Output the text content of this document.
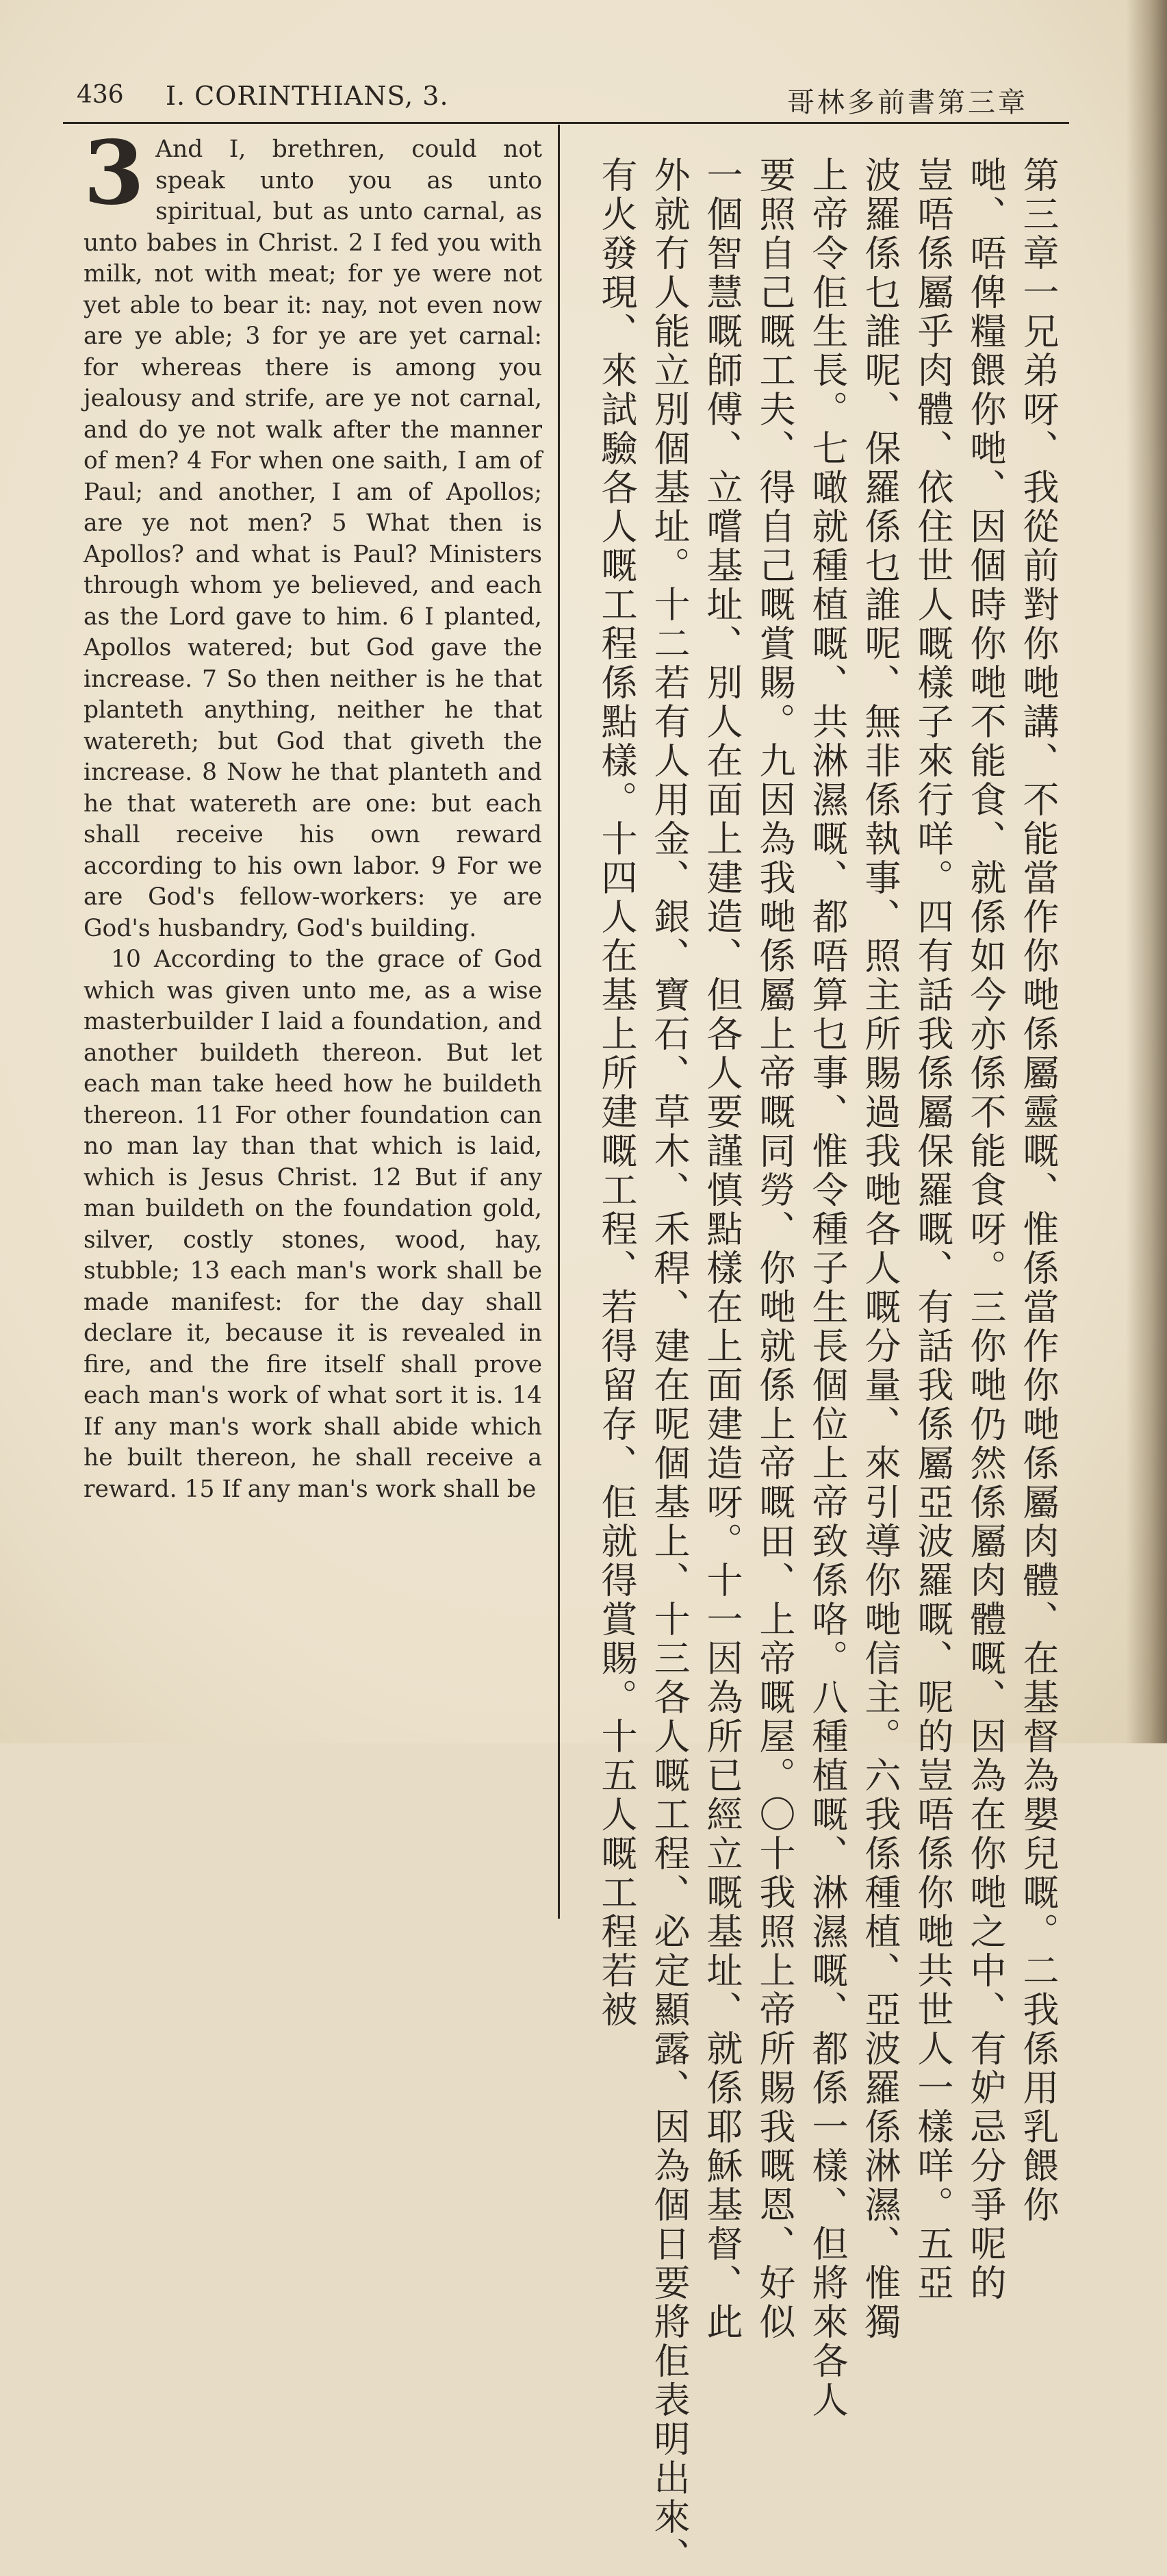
436 I. CORINTHIANS, 3.	哥林多前書第三章
3 And I, brethren, could not speak unto you as unto spiritual, but as unto carnal, as unto babes in Christ. 2 I fed you with milk, not with meat; for ye were not yet able to bear it: nay, not even now are ye able; 3 for ye are yet carnal: for whereas there is among you jealousy and strife, are ye not carnal, and do ye not walk after the manner of men? 4 For when one saith, I am of Paul; and another, I am of Apollos; are ye not men? 5 What then is Apollos? and what is Paul? Ministers through whom ye believed, and each as the Lord gave to him. 6 I planted, Apollos watered; but God gave the increase. 7 So then neither is he that planteth anything, neither he that watereth; but God that giveth the increase. 8 Now he that planteth and he that watereth are one: but each shall receive his own reward according to his own labor. 9 For we are God's fellow-workers: ye are God's husbandry, God's building.

10 According to the grace of God which was given unto me, as a wise masterbuilder I laid a foundation, and another buildeth thereon. But let each man take heed how he buildeth thereon. 11 For other foundation can no man lay than that which is laid, which is Jesus Christ. 12 But if any man buildeth on the foundation gold, silver, costly stones, wood, hay, stubble; 13 each man's work shall be made manifest: for the day shall declare it, because it is revealed in fire, and the fire itself shall prove each man's work of what sort it is. 14 If any man's work shall abide which he built thereon, he shall receive a reward. 15 If any man's work shall be	第三章一兄弟呀、我從前對你哋講、不能當作你哋係屬靈嘅、惟係當作你哋係屬肉體、在基督為嬰兒嘅。二我係用乳餵你
哋、唔俾糧餵你哋、因個時你哋不能食、就係如今亦係不能食呀。三你哋仍然係屬肉體嘅、因為在你哋之中、有妒忌分爭呢的
豈唔係屬乎肉體、依住世人嘅樣子來行咩。四有話我係屬保羅嘅、有話我係屬亞波羅嘅、呢的豈唔係你哋共世人一樣咩。五亞
波羅係乜誰呢、保羅係乜誰呢、無非係執事、照主所賜過我哋各人嘅分量、來引導你哋信主。六我係種植、亞波羅係淋濕、惟獨
上帝令佢生長。七噉就種植嘅、共淋濕嘅、都唔算乜事、惟令種子生長個位上帝致係咯。八種植嘅、淋濕嘅、都係一樣、但將來各人
要照自己嘅工夫、得自己嘅賞賜。九因為我哋係屬上帝嘅同勞、你哋就係上帝嘅田、上帝嘅屋。〇十我照上帝所賜我嘅恩、好似
一個智慧嘅師傅、立嚐基址、別人在面上建造、但各人要謹慎點樣在上面建造呀。十一因為所已經立嘅基址、就係耶穌基督、此
外就冇人能立別個基址。十二若有人用金、銀、寶石、草木、禾稈、建在呢個基上、十三各人嘅工程、必定顯露、因為個日要將佢表明出來、
有火發現、來試驗各人嘅工程係點樣。十四人在基上所建嘅工程、若得留存、佢就得賞賜。十五人嘅工程若被
